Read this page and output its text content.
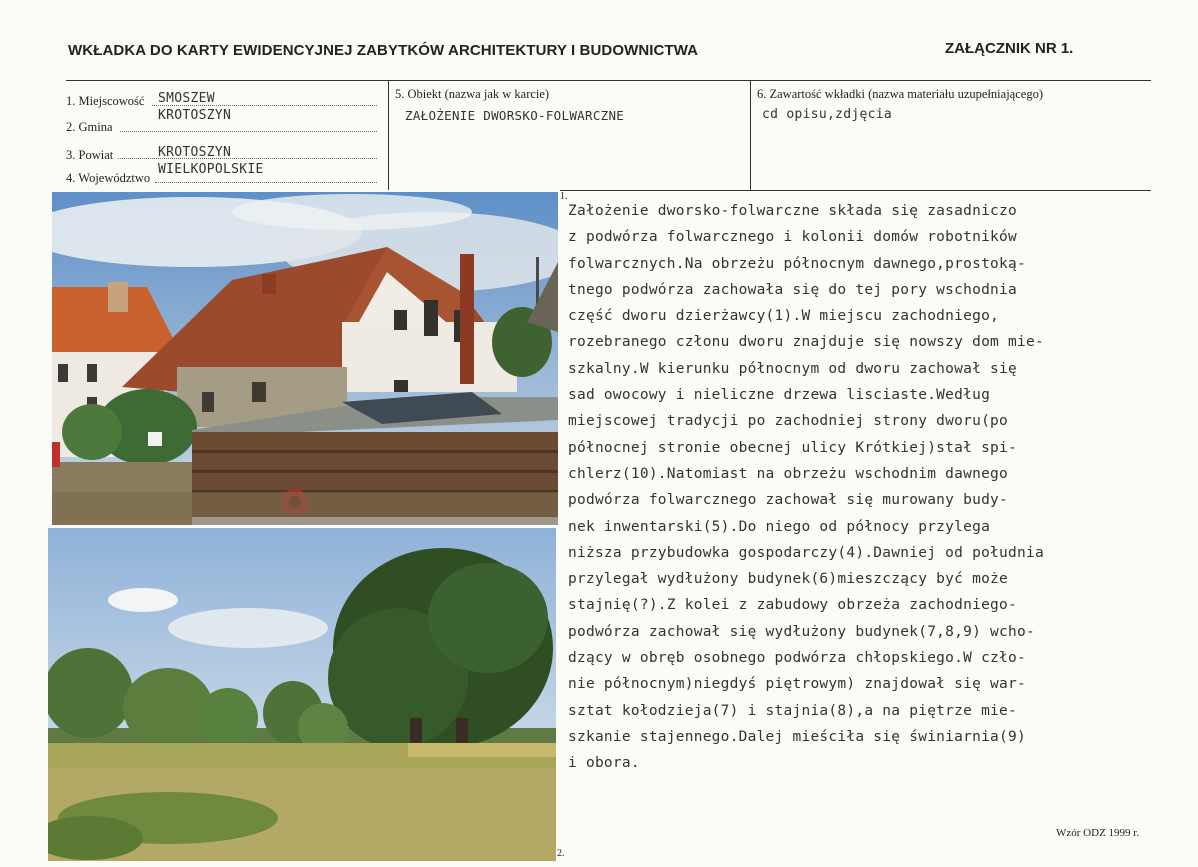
WKŁADKA DO KARTY EWIDENCYJNEJ ZABYTKÓW ARCHITEKTURY I BUDOWNICTWA	ZAŁĄCZNIK NR 1.
1. Miejscowość SMOSZEW
2. Gmina
KROTOSZYN
3. Powiat	KROTOSZYN
4. Województwo
WIELKOPOLSKIE
5. Obiekt (nazwa jak w karcie)
ZAŁOŻENIE DWORSKO-FOLWARCZNE
6. Zawartość wkładki (nazwa materiału uzupełniającego)
cd opisu,zdjęcia
1.
2.
Założenie dworsko-folwarczne składa się zasadniczo
z podwórza folwarcznego i kolonii domów robotników
folwarcznych.Na obrzeżu północnym dawnego,prostoką-
tnego podwórza zachowała się do tej pory wschodnia
część dworu dzierżawcy(1).W miejscu zachodniego,
rozebranego członu dworu znajduje się nowszy dom mie-
szkalny.W kierunku północnym od dworu zachował się
sad owocowy i nieliczne drzewa lisciaste.Według
miejscowej tradycji po zachodniej strony dworu(po
północnej stronie obecnej ulicy Krótkiej)stał spi-
chlerz(10).Natomiast na obrzeżu wschodnim dawnego
podwórza folwarcznego zachował się murowany budy-
nek inwentarski(5).Do niego od północy przylega
niższa przybudowka gospodarczy(4).Dawniej od południa
przylegał wydłużony budynek(6)mieszczący być może
stajnię(?).Z kolei z zabudowy obrzeża zachodniego-
podwórza zachował się wydłużony budynek(7,8,9) wcho-
dzący w obręb osobnego podwórza chłopskiego.W czło-
nie północnym)niegdyś piętrowym) znajdował się war-
sztat kołodzieja(7) i stajnia(8),a na piętrze mie-
szkanie stajennego.Dalej mieściła się świniarnia(9)
i obora.
Wzór ODZ 1999 r.
